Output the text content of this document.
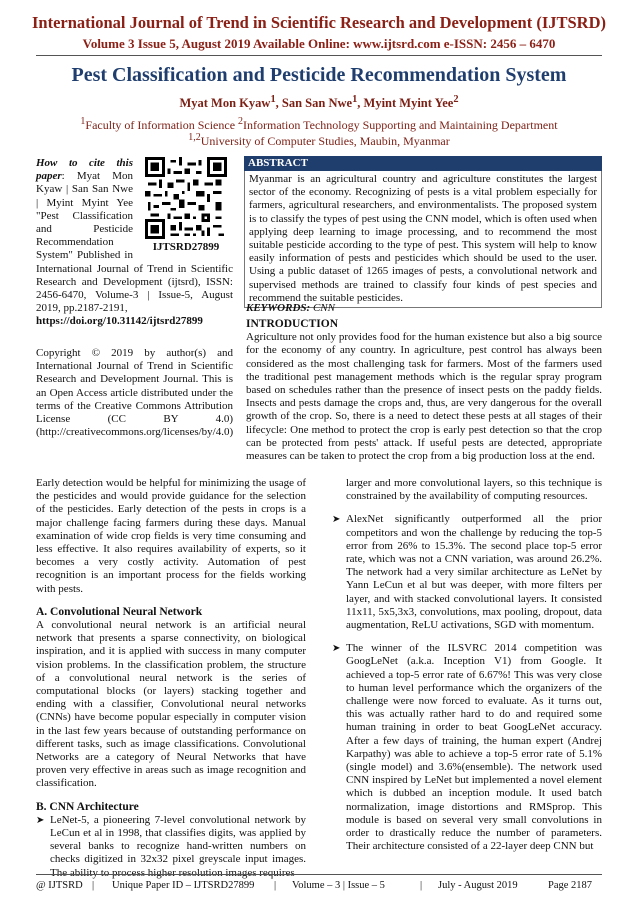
International Journal of Trend in Scientific Research and Development (IJTSRD)
Volume 3 Issue 5, August 2019 Available Online: www.ijtsrd.com e-ISSN: 2456 – 6470
Pest Classification and Pesticide Recommendation System
Myat Mon Kyaw$^1$, San San Nwe$^1$, Myint Myint Yee$^2$
$^1$Faculty of Information Science $^2$Information Technology Supporting and Maintaining Department
$^{1,2}$University of Computer Studies, Maubin, Myanmar
IJTSRD27899
How to cite this paper: Myat Mon Kyaw | San San Nwe | Myint Myint Yee "Pest Classification and Pesticide Recommendation System" Published in International Journal of Trend in Scientific Research and Development (ijtsrd), ISSN: 2456-6470, Volume-3 | Issue-5, August 2019, pp.2187-2191,
https://doi.org/10.31142/ijtsrd27899
Copyright © 2019 by author(s) and International Journal of Trend in Scientific Research and Development Journal. This is an Open Access article distributed under the terms of the Creative Commons Attribution License (CC BY 4.0) (http://creativecommons.org/licenses/by/4.0)
ABSTRACT
Myanmar is an agricultural country and agriculture constitutes the largest sector of the economy. Recognizing of pests is a vital problem especially for farmers, agricultural researchers, and environmentalists. The proposed system is to classify the types of pest using the CNN model, which is often used when applying deep learning to image processing, and to recommend the most suitable pesticide according to the type of pest. This system will help to know easily information of pests and pesticides which should be used to the user. Using a public dataset of 1265 images of pests, a convolutional network and supervised methods are trained to classify four kinds of pest species and recommend the suitable pesticides.
KEYWORDS: CNN
INTRODUCTION

Agriculture not only provides food for the human existence but also a big source for the economy of any country. In agriculture, pest control has always been considered as the most challenging task for farmers. Most of the farmers used the traditional pest management methods which is the regular spray program based on schedules rather than the presence of insect pests on the paddy fields. Insects and pests damage the crops and, thus, are very dangerous for the overall growth of the crop. So, there is a need to detect these pests at all stages of their lifecycle: One method to protect the crop is early pest detection so that the crop can be protected from pests' attack. If useful pests are detected, appropriate measures can be taken to protect the crop from a big production loss at the end.

Early detection would be helpful for minimizing the usage of the pesticides and would provide guidance for the selection of the pesticides. Early detection of the pests in crops is a major challenge facing farmers during these days. Manual examination of wide crop fields is very time consuming and less effective. It also requires availability of experts, so it becomes a very costly activity. Automation of pest recognition is an important process for the fields working with pests.

A. Convolutional Neural Network

A convolutional neural network is an artificial neural network that presents a sparse connectivity, on biological inspiration, and it is applied with success in many computer vision problems. In the classification problem, the structure of a convolutional neural network is the series of computational blocks (or layers) stacking together and ending with a classifier, Convolutional neural networks (CNNs) have become popular especially in computer vision in the last few years because of outstanding performance on different tasks, such as image classifications. Convolutional Networks are a category of Neural Networks that have proven very effective in areas such as image recognition and classification.

B. CNN Architecture
➤ LeNet-5, a pioneering 7-level convolutional network by LeCun et al in 1998, that classifies digits, was applied by several banks to recognize hand-written numbers on checks digitized in 32x32 pixel greyscale input images. The ability to process higher resolution images requires
larger and more convolutional layers, so this technique is constrained by the availability of computing resources.
➤ AlexNet significantly outperformed all the prior competitors and won the challenge by reducing the top-5 error from 26% to 15.3%. The second place top-5 error rate, which was not a CNN variation, was around 26.2%. The network had a very similar architecture as LeNet by Yann LeCun et al but was deeper, with more filters per layer, and with stacked convolutional layers. It consisted 11x11, 5x5,3x3, convolutions, max pooling, dropout, data augmentation, ReLU activations, SGD with momentum.
➤ The winner of the ILSVRC 2014 competition was GoogLeNet (a.k.a. Inception V1) from Google. It achieved a top-5 error rate of 6.67%! This was very close to human level performance which the organizers of the challenge were now forced to evaluate. As it turns out, this was actually rather hard to do and required some human training in order to beat GoogLeNet accuracy. After a few days of training, the human expert (Andrej Karpathy) was able to achieve a top-5 error rate of 5.1%(single model) and 3.6%(ensemble). The network used CNN inspired by LeNet but implemented a novel element which is dubbed an inception module. It used batch normalization, image distortions and RMSprop. This module is based on several very small convolutions in order to drastically reduce the number of parameters. Their architecture consisted of a 22-layer deep CNN but
@ IJTSRD | Unique Paper ID – IJTSRD27899 | Volume – 3 | Issue – 5	| July - August 2019	Page 2187
